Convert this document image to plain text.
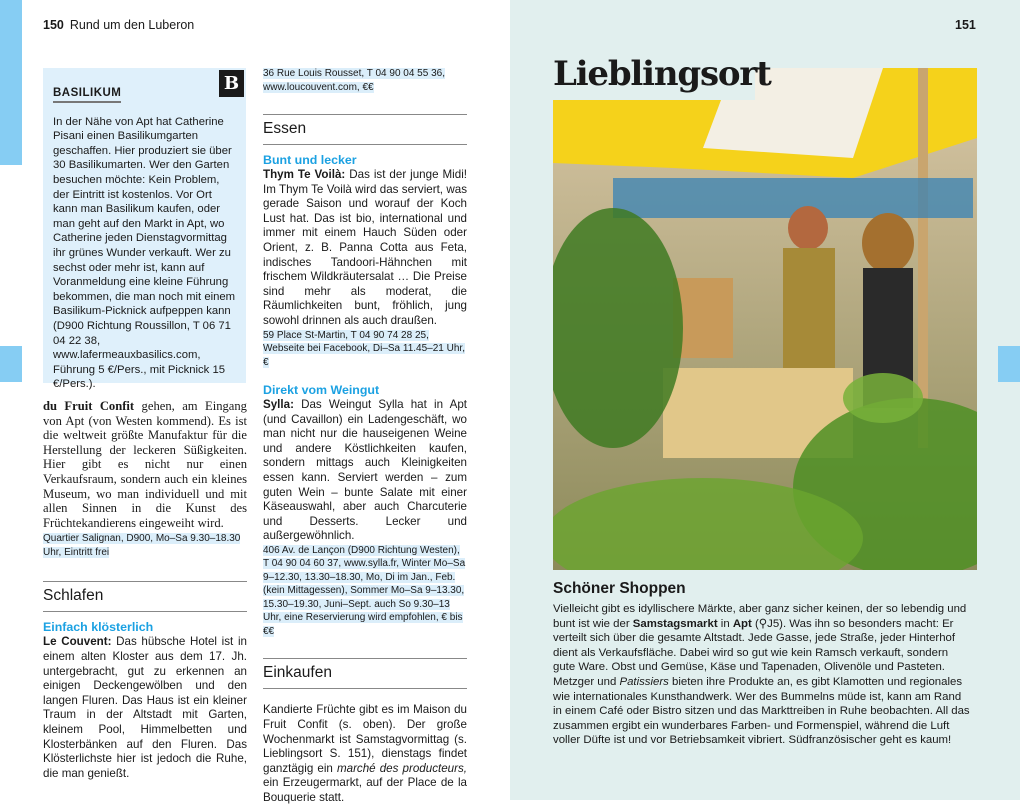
150 Rund um den Luberon
B
BASILIKUM

In der Nähe von Apt hat Catherine Pisani einen Basilikumgarten geschaffen. Hier produziert sie über 30 Basilikumarten. Wer den Garten besuchen möchte: Kein Problem, der Eintritt ist kostenlos. Vor Ort kann man Basilikum kaufen, oder man geht auf den Markt in Apt, wo Catherine jeden Dienstagvormittag ihr grünes Wunder verkauft. Wer zu sechst oder mehr ist, kann auf Voranmeldung eine kleine Führung bekommen, die man noch mit einem Basilikum-Picknick aufpeppen kann (D900 Richtung Roussillon, T 06 71 04 22 38, www.lafermeauxbasilics.com, Führung 5 €/Pers., mit Picknick 15 €/Pers.).

du Fruit Confit gehen, am Eingang von Apt (von Westen kommend). Es ist die weltweit größte Manufaktur für die Herstellung der leckeren Süßigkeiten. Hier gibt es nicht nur einen Verkaufsraum, sondern auch ein kleines Museum, wo man individuell und mit allen Sinnen in die Kunst des Früchtekandierens eingeweiht wird.

Quartier Salignan, D900, Mo–Sa 9.30–18.30 Uhr, Eintritt frei

Schlafen
Einfach klösterlich

Le Couvent: Das hübsche Hotel ist in einem alten Kloster aus dem 17. Jh. untergebracht, gut zu erkennen an einigen Deckengewölben und den langen Fluren. Das Haus ist ein kleiner Traum in der Altstadt mit Garten, kleinem Pool, Himmelbetten und Klosterbänken auf den Fluren. Das Klösterlichste hier ist jedoch die Ruhe, die man genießt.

36 Rue Louis Rousset, T 04 90 04 55 36, www.loucouvent.com, €€

Essen
Bunt und lecker

Thym Te Voilà: Das ist der junge Midi! Im Thym Te Voilà wird das serviert, was gerade Saison und worauf der Koch Lust hat. Das ist bio, international und immer mit einem Hauch Süden oder Orient, z. B. Panna Cotta aus Feta, indisches Tandoori-Hähnchen mit frischem Wildkräutersalat … Die Preise sind mehr als moderat, die Räumlichkeiten bunt, fröhlich, jung sowohl drinnen als auch draußen.

59 Place St-Martin, T 04 90 74 28 25, Webseite bei Facebook, Di–Sa 11.45–21 Uhr, €

Direkt vom Weingut

Sylla: Das Weingut Sylla hat in Apt (und Cavaillon) ein Ladengeschäft, wo man nicht nur die hauseigenen Weine und andere Köstlichkeiten kaufen, sondern mittags auch Kleinigkeiten essen kann. Serviert werden – zum guten Wein – bunte Salate mit einer Käseauswahl, aber auch Charcuterie und Desserts. Lecker und außergewöhnlich.

406 Av. de Lançon (D900 Richtung Westen), T 04 90 04 60 37, www.sylla.fr, Winter Mo–Sa 9–12.30, 13.30–18.30, Mo, Di im Jan., Feb. (kein Mittagessen), Sommer Mo–Sa 9–13.30, 15.30–19.30, Juni–Sept. auch So 9.30–13 Uhr, eine Reservierung wird empfohlen, € bis €€

Einkaufen

Kandierte Früchte gibt es im Maison du Fruit Confit (s. oben). Der große Wochenmarkt ist Samstagvormittag (s. Lieblingsort S. 151), dienstags findet ganztägig ein marché des producteurs, ein Erzeugermarkt, auf der Place de la Bouquerie statt.

151
Lieblingsort
Schöner Shoppen

Vielleicht gibt es idyllischere Märkte, aber ganz sicher keinen, der so lebendig und bunt ist wie der Samstagsmarkt in Apt (⚲J5). Was ihn so besonders macht: Er verteilt sich über die gesamte Altstadt. Jede Gasse, jede Straße, jeder Hinterhof dient als Verkaufsfläche. Dabei wird so gut wie kein Ramsch verkauft, sondern gute Ware. Obst und Gemüse, Käse und Tapenaden, Olivenöle und Pasteten. Metzger und Patissiers bieten ihre Produkte an, es gibt Klamotten und regionales wie internationales Kunsthandwerk. Wer des Bummelns müde ist, kann am Rand in einem Café oder Bistro sitzen und das Markttreiben in Ruhe beobachten. All das zusammen ergibt ein wunderbares Farben- und Formenspiel, während die Luft voller Düfte ist und vor Betriebsamkeit vibriert. Südfranzösischer geht es kaum!
